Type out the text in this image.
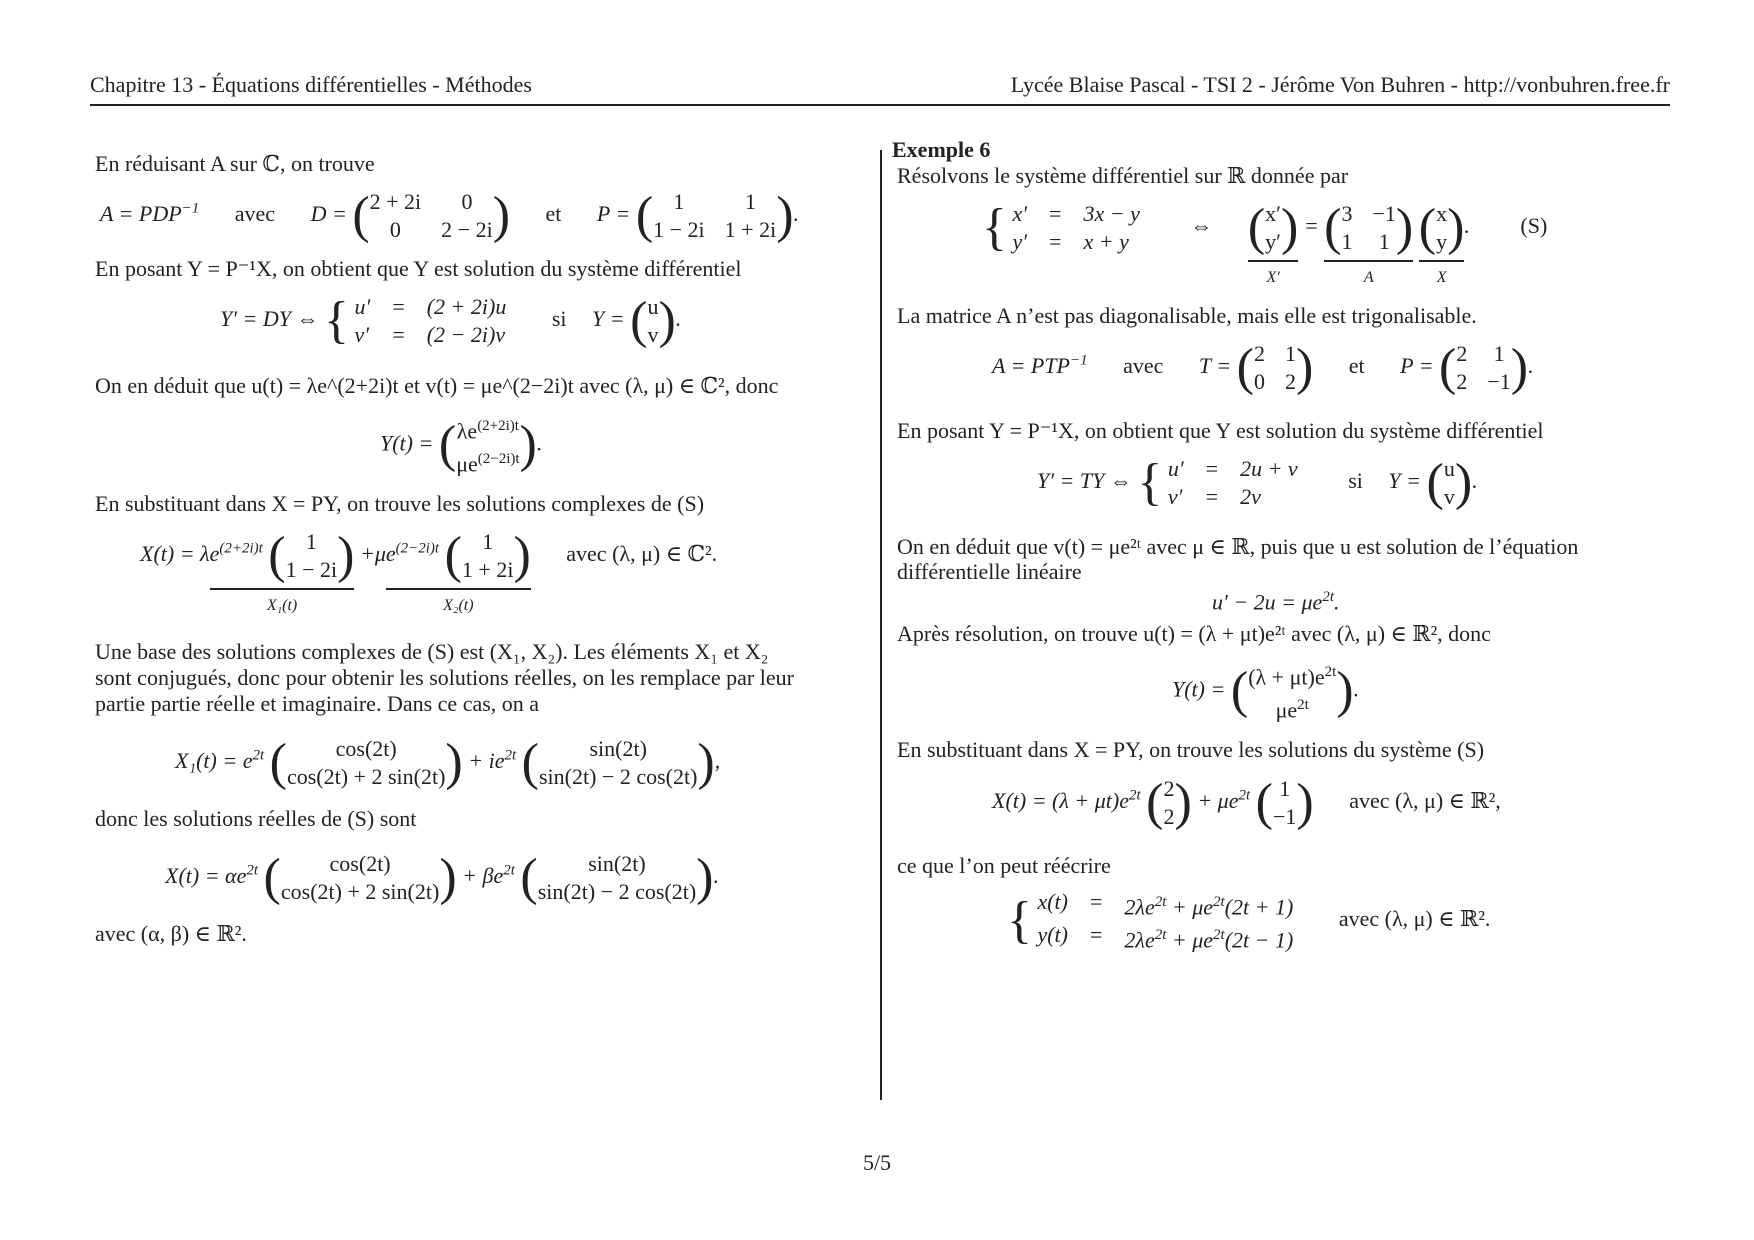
Chapitre 13 - Équations différentielles - Méthodes	Lycée Blaise Pascal - TSI 2 - Jérôme Von Buhren - http://vonbuhren.free.fr
En réduisant A sur ℂ, on trouve
$A = PDP^{-1}$ avec D = ( 2 + 2i	0
0	2 − 2i ) et P = ( 1	1
1 − 2i 1 + 2i ).
En posant Y = P⁻¹X, on obtient que Y est solution du système différentiel
Y′ = DY ⇔ { u′ = (2 + 2i)u
v′ = (2 − 2i)v
si Y = ( u
v ).
On en déduit que u(t) = λe^(2+2i)t et v(t) = μe^(2−2i)t avec (λ, μ) ∈ ℂ², donc
Y(t) = ( $\lambda e^{(2+2i)t}$
$\mu e^{(2-2i)t}$ ).
En substituant dans X = PY, on trouve les solutions complexes de (S)
$X(t) = \lambda e^{(2+2i)t}$ ( 1
1 − 2i )
X₁(t)
$+\mu e^{(2-2i)t}$ ( 1
1 + 2i )
X₂(t)
avec (λ, μ) ∈ ℂ².
Une base des solutions complexes de (S) est (X₁, X₂). Les éléments X₁ et X₂
sont conjugués, donc pour obtenir les solutions réelles, on les remplace par leur
partie partie réelle et imaginaire. Dans ce cas, on a
$X_1(t) = e^{2t}$ (	cos(2t)
cos(2t) + 2 sin(2t) ) + $ie^{2t}$ (	sin(2t)
sin(2t) − 2 cos(2t) ),
donc les solutions réelles de (S) sont
$X(t) = \alpha e^{2t}$ (	cos(2t)
cos(2t) + 2 sin(2t) ) + $\beta e^{2t}$ (	sin(2t)
sin(2t) − 2 cos(2t) ).
avec (α, β) ∈ ℝ².
Exemple 6
Résolvons le système différentiel sur ℝ donnée par
{ x′ = 3x − y
y′ = x + y
⇔ ( x′
y′ )
X′
= ( 3 −1
1 1 )
A
( x
y )
X
. (S)
La matrice A n’est pas diagonalisable, mais elle est trigonalisable.
$A = PTP^{-1}$ avec T = ( 2 1
0 2 ) et P = ( 2 1
2 −1 ).
En posant Y = P⁻¹X, on obtient que Y est solution du système différentiel
Y′ = TY ⇔ { u′ = 2u + v
v′ = 2v
si Y = ( u
v ).
On en déduit que v(t) = μe²ᵗ avec μ ∈ ℝ, puis que u est solution de l’équation
différentielle linéaire
$u' - 2u = \mu e^{2t}$.
Après résolution, on trouve u(t) = (λ + μt)e²ᵗ avec (λ, μ) ∈ ℝ², donc
Y(t) = ( $(\lambda + \mu t)e^{2t}$
$\mu e^{2t}$ ).
En substituant dans X = PY, on trouve les solutions du système (S)
$X(t) = (\lambda + \mu t)e^{2t}$ ( 2
2 ) + $\mu e^{2t}$ ( 1
−1 ) avec (λ, μ) ∈ ℝ²,
ce que l’on peut réécrire
{ $x(t) = 2\lambda e^{2t} + \mu e^{2t}(2t + 1)$
$y(t) = 2\lambda e^{2t} + \mu e^{2t}(2t - 1)$
avec (λ, μ) ∈ ℝ².
5/5
